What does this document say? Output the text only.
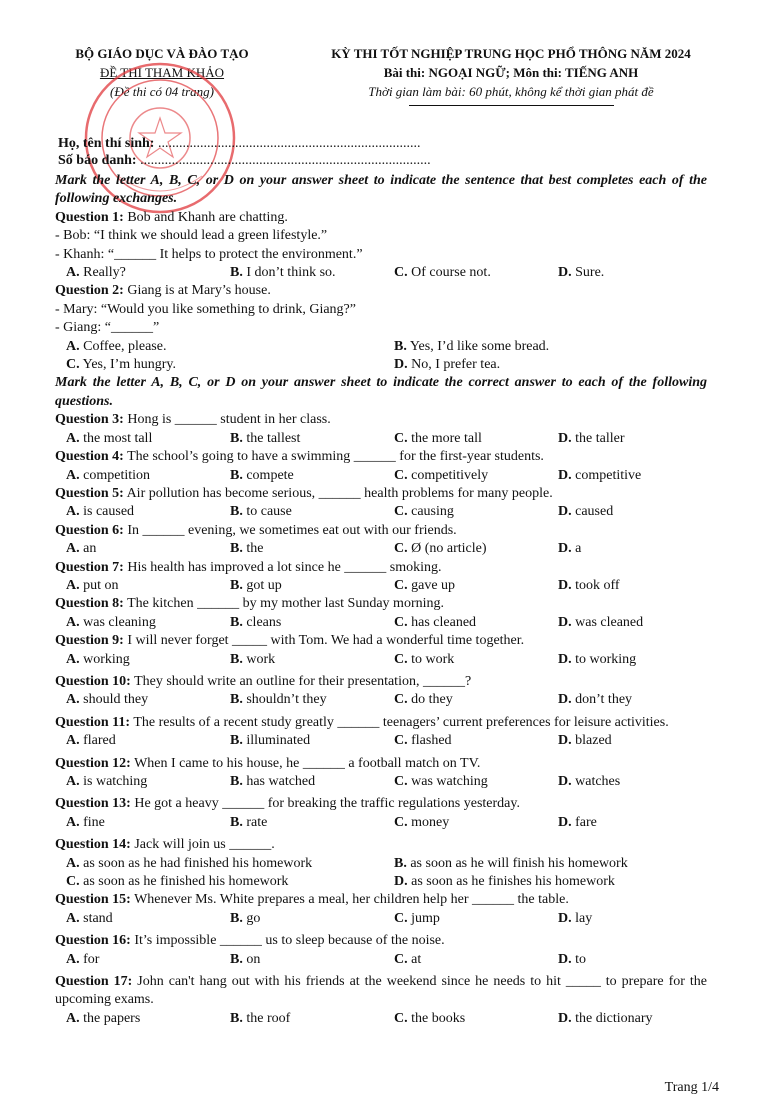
BỘ GIÁO DỤC VÀ ĐÀO TẠO
ĐỀ THI THAM KHẢO
(Đề thi có 04 trang)
KỲ THI TỐT NGHIỆP TRUNG HỌC PHỔ THÔNG NĂM 2024
Bài thi: NGOẠI NGỮ; Môn thi: TIẾNG ANH
Thời gian làm bài: 60 phút, không kể thời gian phát đề
Họ, tên thí sinh: ...........................................................................
Số báo danh: ...................................................................................
Mark the letter A, B, C, or D on your answer sheet to indicate the sentence that best completes each of the following exchanges.
Question 1: Bob and Khanh are chatting.
- Bob: “I think we should lead a green lifestyle.”
- Khanh: “______ It helps to protect the environment.”
A. Really?	B. I don’t think so.	C. Of course not.	D. Sure.
Question 2: Giang is at Mary’s house.
- Mary: “Would you like something to drink, Giang?”
- Giang: “______”
A. Coffee, please.	B. Yes, I’d like some bread.
C. Yes, I’m hungry.	D. No, I prefer tea.
Mark the letter A, B, C, or D on your answer sheet to indicate the correct answer to each of the following questions.
Question 3: Hong is ______ student in her class.
A. the most tall	B. the tallest	C. the more tall	D. the taller
Question 4: The school’s going to have a swimming ______ for the first-year students.
A. competition	B. compete	C. competitively	D. competitive
Question 5: Air pollution has become serious, ______ health problems for many people.
A. is caused	B. to cause	C. causing	D. caused
Question 6: In ______ evening, we sometimes eat out with our friends.
A. an	B. the	C. Ø (no article)	D. a
Question 7: His health has improved a lot since he ______ smoking.
A. put on	B. got up	C. gave up	D. took off
Question 8: The kitchen ______ by my mother last Sunday morning.
A. was cleaning	B. cleans	C. has cleaned	D. was cleaned
Question 9: I will never forget _____ with Tom. We had a wonderful time together.
A. working	B. work	C. to work	D. to working
Question 10: They should write an outline for their presentation, ______?
A. should they	B. shouldn’t they	C. do they	D. don’t they
Question 11: The results of a recent study greatly ______ teenagers’ current preferences for leisure activities.
A. flared	B. illuminated	C. flashed	D. blazed
Question 12: When I came to his house, he ______ a football match on TV.
A. is watching	B. has watched	C. was watching	D. watches
Question 13: He got a heavy ______ for breaking the traffic regulations yesterday.
A. fine	B. rate	C. money	D. fare
Question 14: Jack will join us ______.
A. as soon as he had finished his homework	B. as soon as he will finish his homework
C. as soon as he finished his homework	D. as soon as he finishes his homework
Question 15: Whenever Ms. White prepares a meal, her children help her ______ the table.
A. stand	B. go	C. jump	D. lay
Question 16: It’s impossible ______ us to sleep because of the noise.
A. for	B. on	C. at	D. to
Question 17: John can't hang out with his friends at the weekend since he needs to hit _____ to prepare for the upcoming exams.
A. the papers	B. the roof	C. the books	D. the dictionary
Trang 1/4
